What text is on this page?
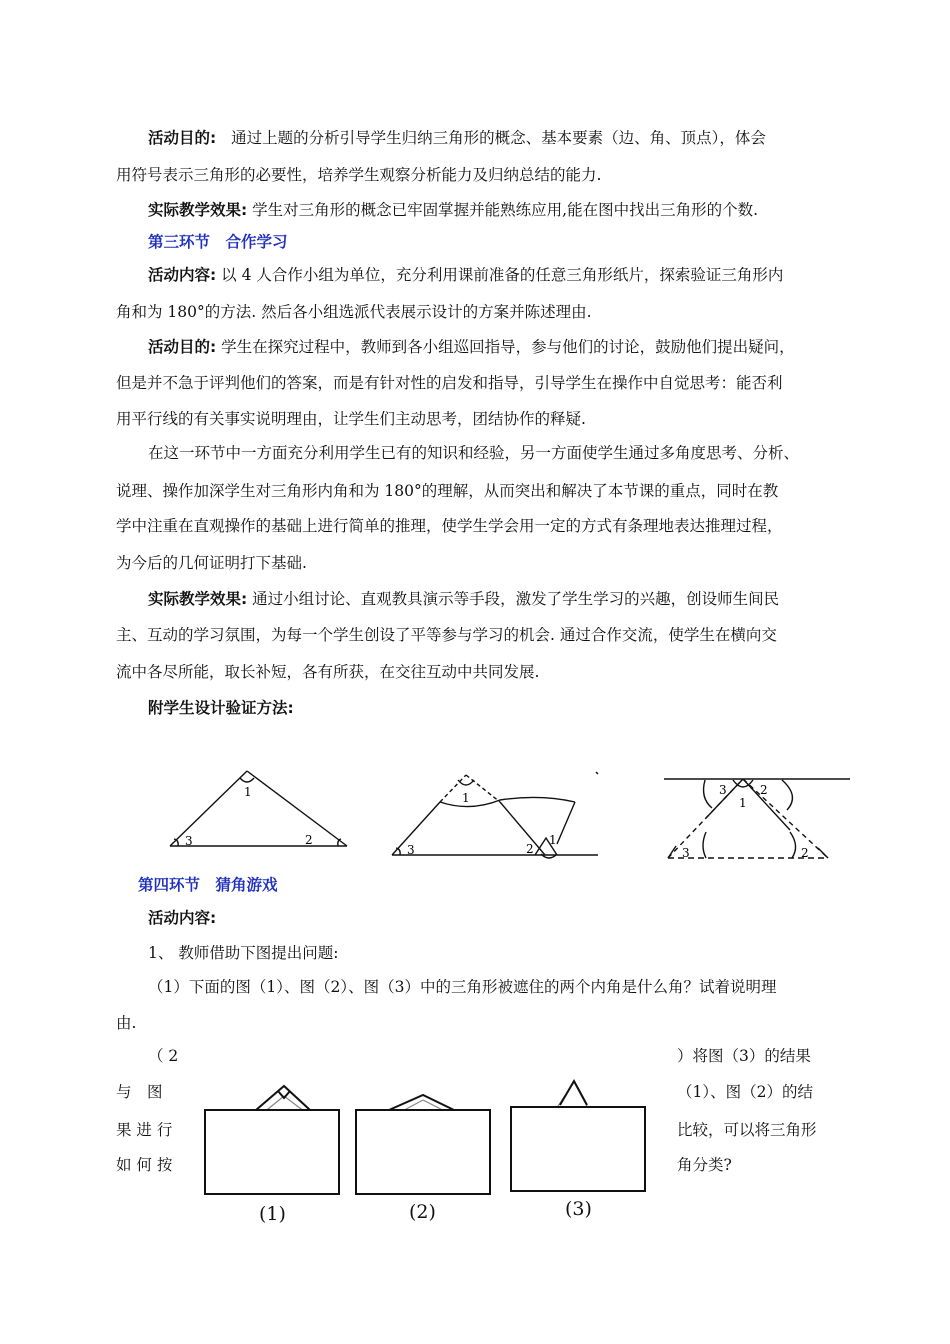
活动目的: 通过上题的分析引导学生归纳三角形的概念、基本要素（边、角、顶点），体会
用符号表示三角形的必要性，培养学生观察分析能力及归纳总结的能力.
实际教学效果: 学生对三角形的概念已牢固掌握并能熟练应用,能在图中找出三角形的个数.
第三环节　合作学习
活动内容: 以 4 人合作小组为单位，充分利用课前准备的任意三角形纸片，探索验证三角形内
角和为 180°的方法. 然后各小组选派代表展示设计的方案并陈述理由.
活动目的: 学生在探究过程中，教师到各小组巡回指导，参与他们的讨论，鼓励他们提出疑问，
但是并不急于评判他们的答案，而是有针对性的启发和指导，引导学生在操作中自觉思考：能否利
用平行线的有关事实说明理由，让学生们主动思考，团结协作的释疑.
在这一环节中一方面充分利用学生已有的知识和经验，另一方面使学生通过多角度思考、分析、
说理、操作加深学生对三角形内角和为 180°的理解，从而突出和解决了本节课的重点，同时在教
学中注重在直观操作的基础上进行简单的推理，使学生学会用一定的方式有条理地表达推理过程，
为今后的几何证明打下基础.
实际教学效果: 通过小组讨论、直观教具演示等手段，激发了学生学习的兴趣，创设师生间民
主、互动的学习氛围，为每一个学生创设了平等参与学习的机会. 通过合作交流，使学生在横向交
流中各尽所能，取长补短，各有所获，在交往互动中共同发展.
附学生设计验证方法:
1
3	2
1
3	2
1
3	2
1
3	2
第四环节　猜角游戏
活动内容:
1、 教师借助下图提出问题:
（1）下面的图（1）、图（2）、图（3）中的三角形被遮住的两个内角是什么角？试着说明理
由.
（ 2
与　图
果 进 行
如 何 按
）将图（3）的结果
（1）、图（2）的结
比较，可以将三角形
角分类?
(1)	(2)	(3)
